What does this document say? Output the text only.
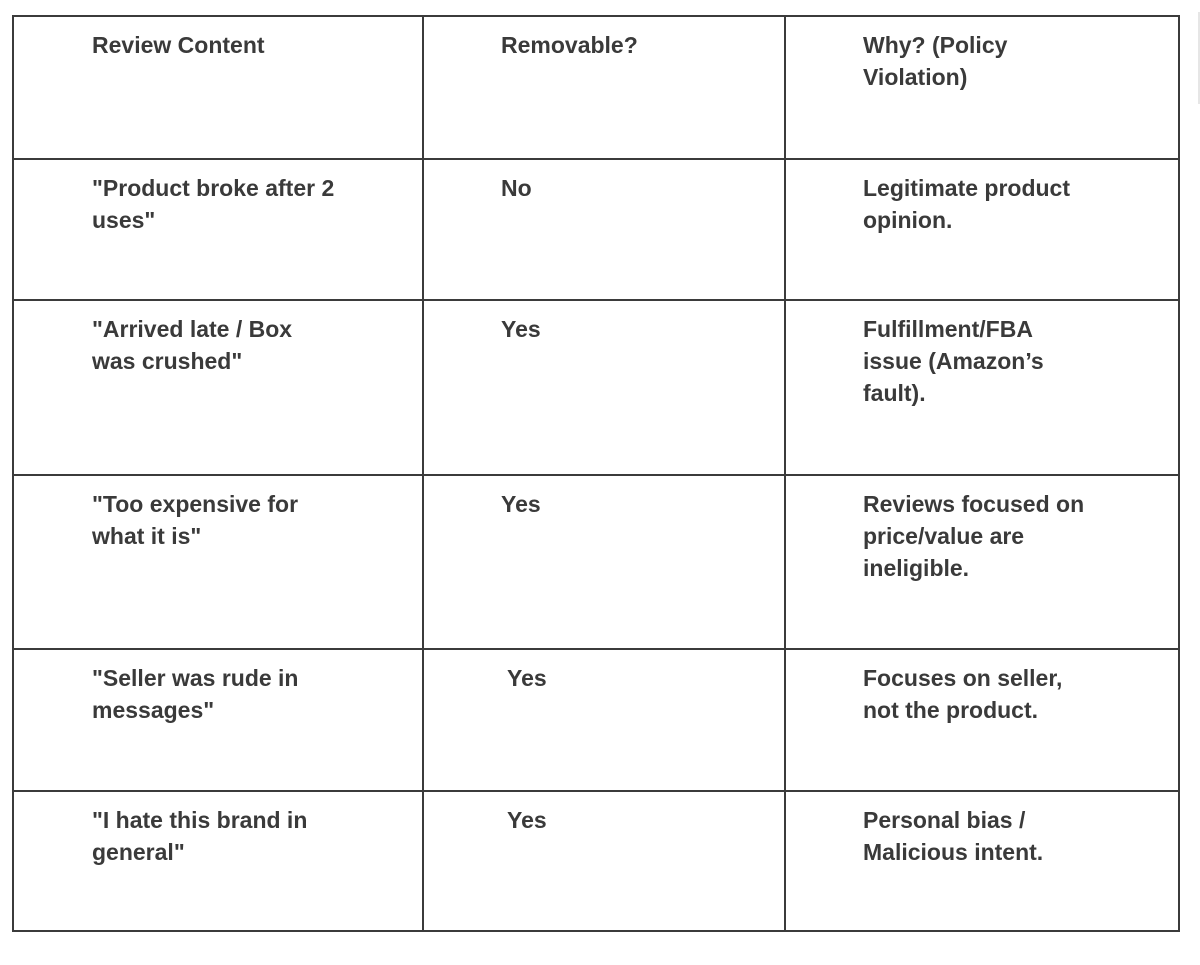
Review Content	Removable?	Why? (Policy Violation)

"Product broke after 2 uses"	No	Legitimate product opinion.

"Arrived late / Box was crushed"	Yes	Fulfillment/FBA issue (Amazon’s fault).

"Too expensive for what it is"	Yes	Reviews focused on price/value are ineligible.

"Seller was rude in messages"	Yes	Focuses on seller, not the product.

"I hate this brand in general"	Yes	Personal bias / Malicious intent.
